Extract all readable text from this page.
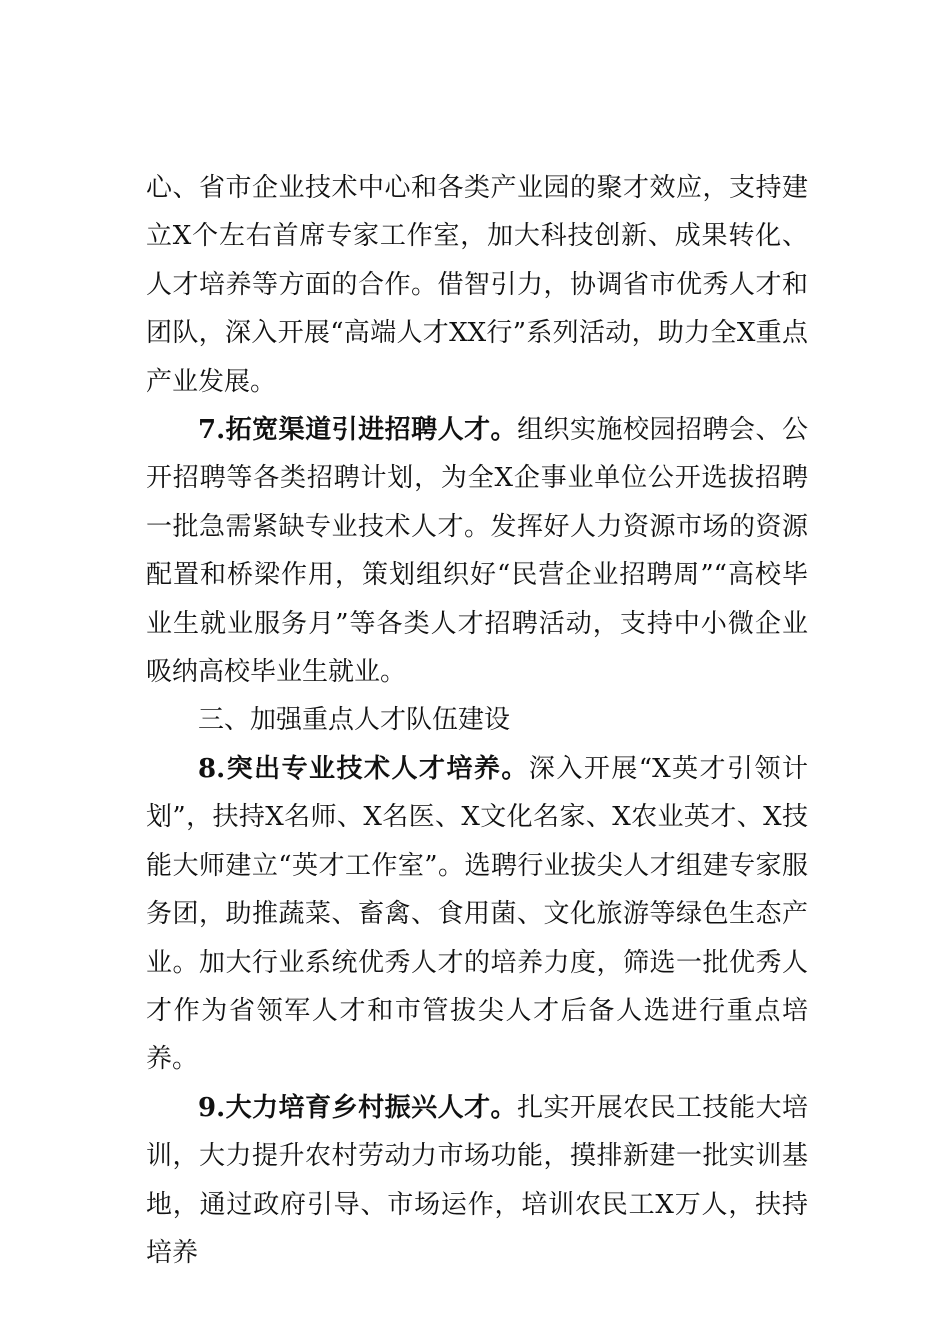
心、省市企业技术中心和各类产业园的聚才效应，支持建立X个左右首席专家工作室，加大科技创新、成果转化、人才培养等方面的合作。借智引力，协调省市优秀人才和团队，深入开展“高端人才XX行”系列活动，助力全X重点产业发展。

7.拓宽渠道引进招聘人才。组织实施校园招聘会、公开招聘等各类招聘计划，为全X企事业单位公开选拔招聘一批急需紧缺专业技术人才。发挥好人力资源市场的资源配置和桥梁作用，策划组织好“民营企业招聘周”“高校毕业生就业服务月”等各类人才招聘活动，支持中小微企业吸纳高校毕业生就业。

三、加强重点人才队伍建设

8.突出专业技术人才培养。深入开展“X英才引领计划”，扶持X名师、X名医、X文化名家、X农业英才、X技能大师建立“英才工作室”。选聘行业拔尖人才组建专家服务团，助推蔬菜、畜禽、食用菌、文化旅游等绿色生态产业。加大行业系统优秀人才的培养力度，筛选一批优秀人才作为省领军人才和市管拔尖人才后备人选进行重点培养。

9.大力培育乡村振兴人才。扎实开展农民工技能大培训，大力提升农村劳动力市场功能，摸排新建一批实训基地，通过政府引导、市场运作，培训农民工X万人，扶持培养
